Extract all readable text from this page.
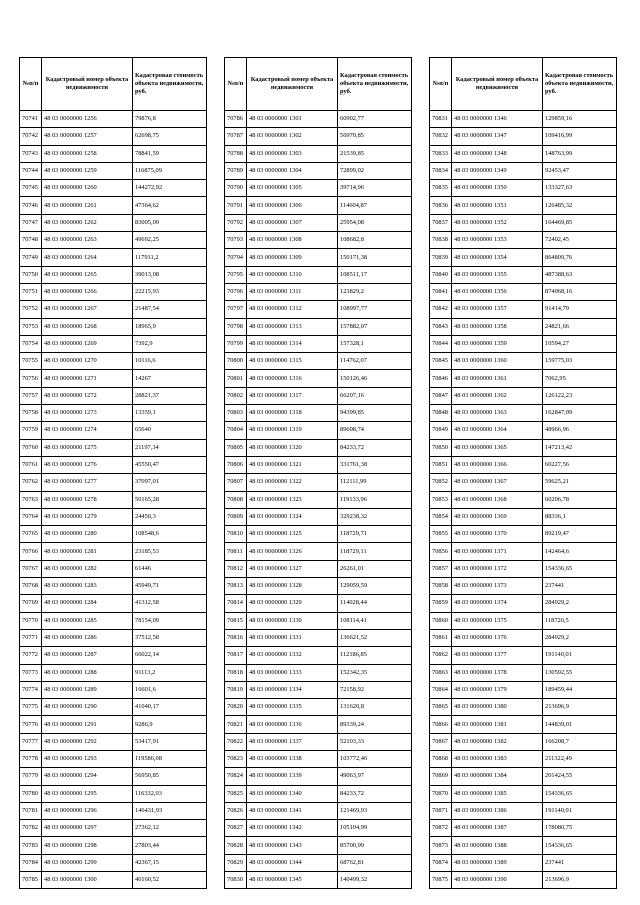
№п/п	Кадастровый номер объекта недвижимости	Кадастровая стоимость объекта недвижимости, руб.
70741	48 03 0000000 1256	79876,8
70742	48 03 0000000 1257	62698,75
70743	48 03 0000000 1258	78841,59
70744	48 03 0000000 1259	116875,09
70745	48 03 0000000 1260	144272,92
70746	48 03 0000000 1261	47364,62
70747	48 03 0000000 1262	83005,09
70748	48 03 0000000 1263	49692,25
70749	48 03 0000000 1264	117911,2
70750	48 03 0000000 1265	39013,08
70751	48 03 0000000 1266	22215,93
70752	48 03 0000000 1267	21487,54
70753	48 03 0000000 1268	18965,9
70754	48 03 0000000 1269	7392,9
70755	48 03 0000000 1270	10116,6
70756	48 03 0000000 1271	14267
70757	48 03 0000000 1272	28821,37
70758	48 03 0000000 1273	13359,1
70759	48 03 0000000 1274	65640
70760	48 03 0000000 1275	21197,34
70761	48 03 0000000 1276	45550,47
70762	48 03 0000000 1277	37097,01
70763	48 03 0000000 1278	50165,28
70764	48 03 0000000 1279	24450,3
70765	48 03 0000000 1280	108548,6
70766	48 03 0000000 1281	23185,53
70767	48 03 0000000 1282	61446
70768	48 03 0000000 1283	45949,71
70769	48 03 0000000 1284	41312,58
70770	48 03 0000000 1285	78154,09
70771	48 03 0000000 1286	37512,58
70772	48 03 0000000 1287	66022,14
70773	48 03 0000000 1288	91113,2
70774	48 03 0000000 1289	16601,6
70775	48 03 0000000 1290	41040,17
70776	48 03 0000000 1291	9286,9
70777	48 03 0000000 1292	53417,91
70778	48 03 0000000 1293	119586,08
70779	48 03 0000000 1294	56950,85
70780	48 03 0000000 1295	116332,03
70781	48 03 0000000 1296	146431,93
70782	48 03 0000000 1297	27362,12
70783	48 03 0000000 1298	27803,44
70784	48 03 0000000 1299	42367,15
70785	48 03 0000000 1300	40160,52
№п/п	Кадастровый номер объекта недвижимости	Кадастровая стоимость объекта недвижимости, руб.
70786	48 03 0000000 1301	60902,77
70787	48 03 0000000 1302	56970,85
70788	48 03 0000000 1303	21539,85
70789	48 03 0000000 1304	72899,02
70790	48 03 0000000 1305	39714,96
70791	48 03 0000000 1306	114604,87
70792	48 03 0000000 1307	25954,08
70793	48 03 0000000 1308	108682,8
70794	48 03 0000000 1309	150171,38
70795	48 03 0000000 1310	108511,17
70796	48 03 0000000 1311	123829,2
70797	48 03 0000000 1312	108997,77
70798	48 03 0000000 1313	157882,07
70799	48 03 0000000 1314	157328,1
70800	48 03 0000000 1315	114762,07
70801	48 03 0000000 1316	150126,46
70802	48 03 0000000 1317	66207,16
70803	48 03 0000000 1318	94399,85
70804	48 03 0000000 1319	89608,74
70805	48 03 0000000 1320	84233,72
70806	48 03 0000000 1321	331761,38
70807	48 03 0000000 1322	112111,99
70808	48 03 0000000 1323	119133,96
70809	48 03 0000000 1324	329238,32
70810	48 03 0000000 1325	118729,71
70811	48 03 0000000 1326	118729,11
70812	48 03 0000000 1327	26261,01
70813	48 03 0000000 1328	129059,59
70814	48 03 0000000 1329	114028,44
70815	48 03 0000000 1330	108114,41
70816	48 03 0000000 1331	136621,52
70817	48 03 0000000 1332	112186,85
70818	48 03 0000000 1333	152342,35
70819	48 03 0000000 1334	72158,92
70820	48 03 0000000 1335	131620,8
70821	48 03 0000000 1336	89339,24
70822	48 03 0000000 1337	52103,33
70823	48 03 0000000 1338	103772,46
70824	48 03 0000000 1339	49063,97
70825	48 03 0000000 1340	84233,72
70826	48 03 0000000 1341	121469,93
70827	48 03 0000000 1342	105104,99
70828	48 03 0000000 1343	85700,99
70829	48 03 0000000 1344	68762,81
70830	48 03 0000000 1345	140499,32
№п/п	Кадастровый номер объекта недвижимости	Кадастровая стоимость объекта недвижимости, руб.
70831	48 03 0000000 1346	129859,16
70832	48 03 0000000 1347	109416,99
70833	48 03 0000000 1348	148763,99
70834	48 03 0000000 1349	92453,47
70835	48 03 0000000 1350	133327,63
70836	48 03 0000000 1351	126485,32
70837	48 03 0000000 1352	164469,85
70838	48 03 0000000 1353	72402,45
70839	48 03 0000000 1354	864809,76
70840	48 03 0000000 1355	487388,63
70841	48 03 0000000 1356	874068,16
70842	48 03 0000000 1357	91414,79
70843	48 03 0000000 1358	24821,66
70844	48 03 0000000 1359	10594,27
70845	48 03 0000000 1360	159775,03
70846	48 03 0000000 1361	7062,95
70847	48 03 0000000 1362	126122,23
70848	48 03 0000000 1363	162847,09
70849	48 03 0000000 1364	48966,96
70850	48 03 0000000 1365	147213,42
70851	48 03 0000000 1366	60227,56
70852	48 03 0000000 1367	59625,21
70853	48 03 0000000 1368	60206,78
70854	48 03 0000000 1369	88336,1
70855	48 03 0000000 1370	89219,47
70856	48 03 0000000 1371	142464,6
70857	48 03 0000000 1372	154336,65
70858	48 03 0000000 1373	237441
70859	48 03 0000000 1374	284929,2
70860	48 03 0000000 1375	118720,5
70861	48 03 0000000 1376	284929,2
70862	48 03 0000000 1377	191140,01
70863	48 03 0000000 1378	130592,55
70864	48 03 0000000 1379	189459,44
70865	48 03 0000000 1380	213696,9
70866	48 03 0000000 1381	144839,01
70867	48 03 0000000 1382	166208,7
70868	48 03 0000000 1383	211322,49
70869	48 03 0000000 1384	201424,55
70870	48 03 0000000 1385	154336,65
70871	48 03 0000000 1386	191140,01
70872	48 03 0000000 1387	178080,75
70873	48 03 0000000 1388	154336,65
70874	48 03 0000000 1389	237441
70875	48 03 0000000 1390	213696,9
